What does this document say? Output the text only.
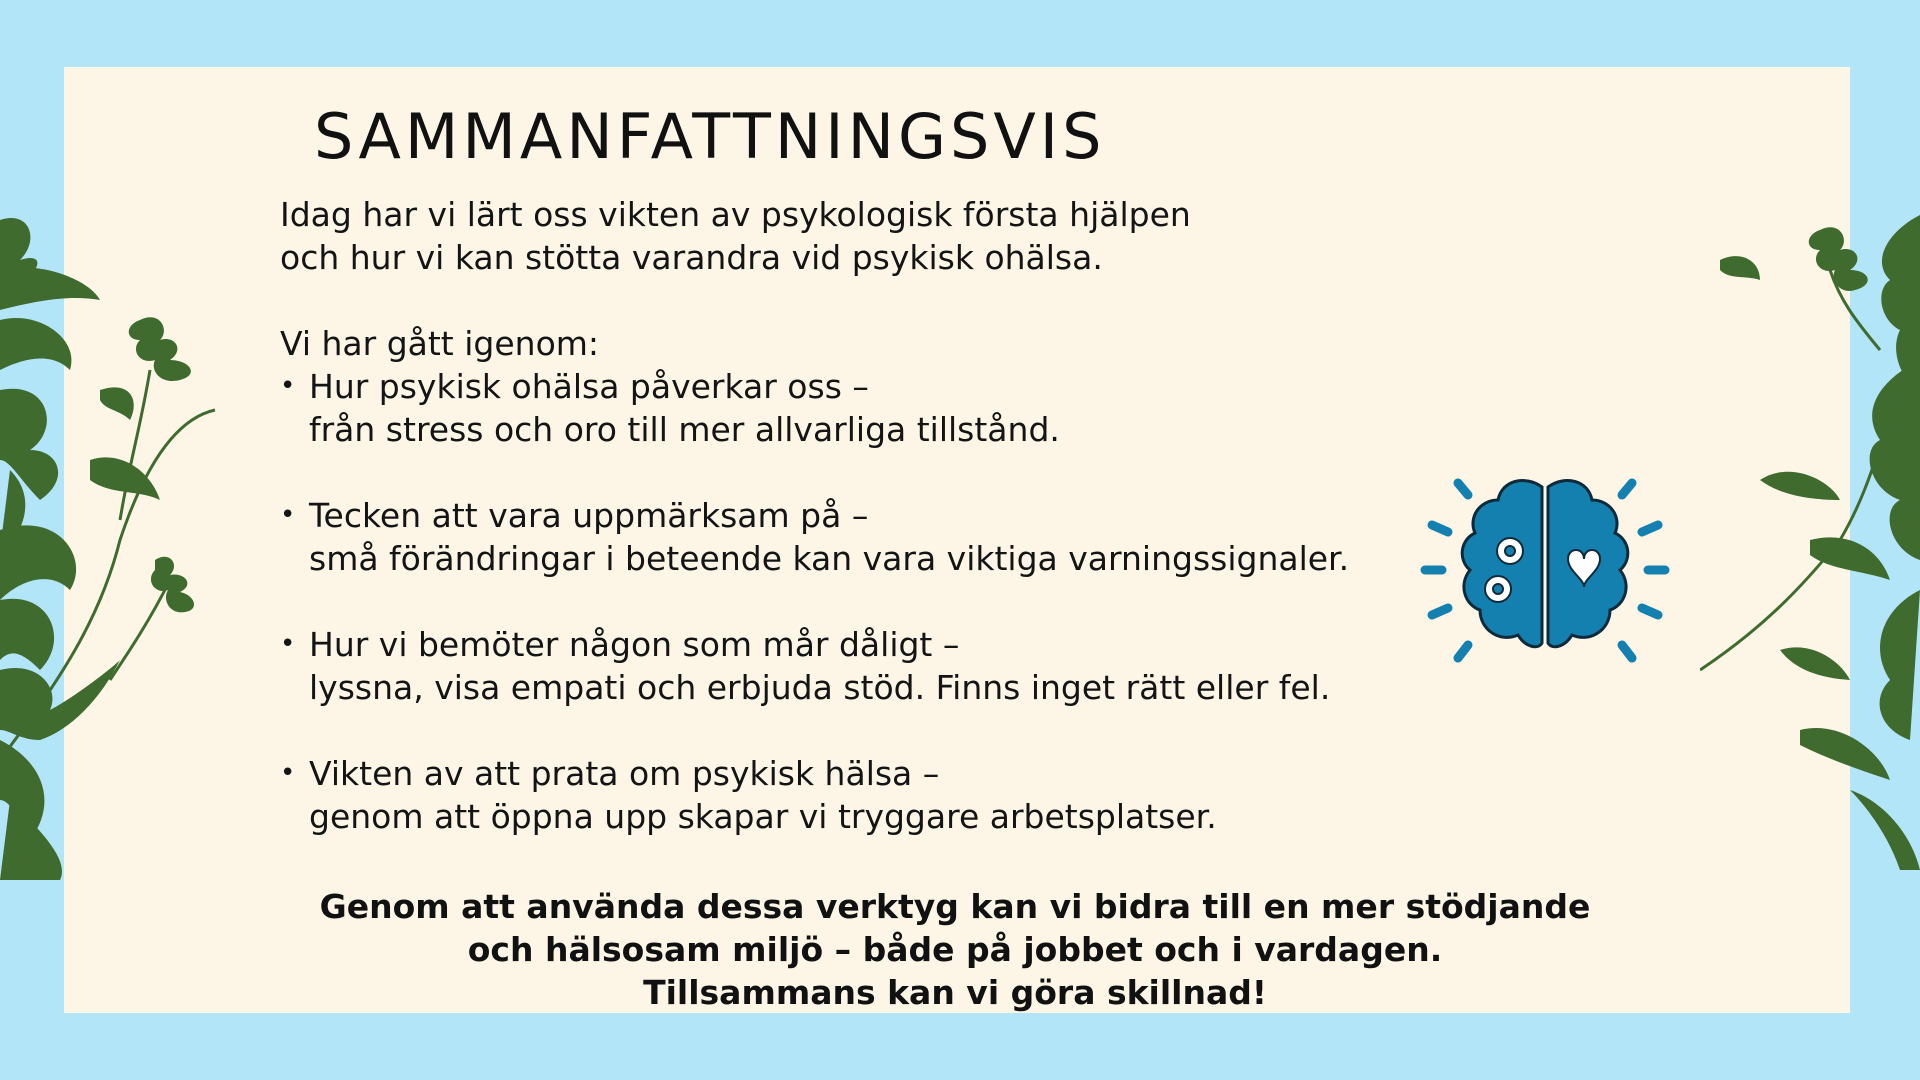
SAMMANFATTNINGSVIS

Idag har vi lärt oss vikten av psykologisk första hjälpen

och hur vi kan stötta varandra vid psykisk ohälsa.

Vi har gått igenom:

• Hur psykisk ohälsa påverkar oss –
från stress och oro till mer allvarliga tillstånd.
• Tecken att vara uppmärksam på –
små förändringar i beteende kan vara viktiga varningssignaler.
• Hur vi bemöter någon som mår dåligt –
lyssna, visa empati och erbjuda stöd. Finns inget rätt eller fel.
• Vikten av att prata om psykisk hälsa –
genom att öppna upp skapar vi tryggare arbetsplatser.
Genom att använda dessa verktyg kan vi bidra till en mer stödjande
och hälsosam miljö – både på jobbet och i vardagen.
Tillsammans kan vi göra skillnad!
